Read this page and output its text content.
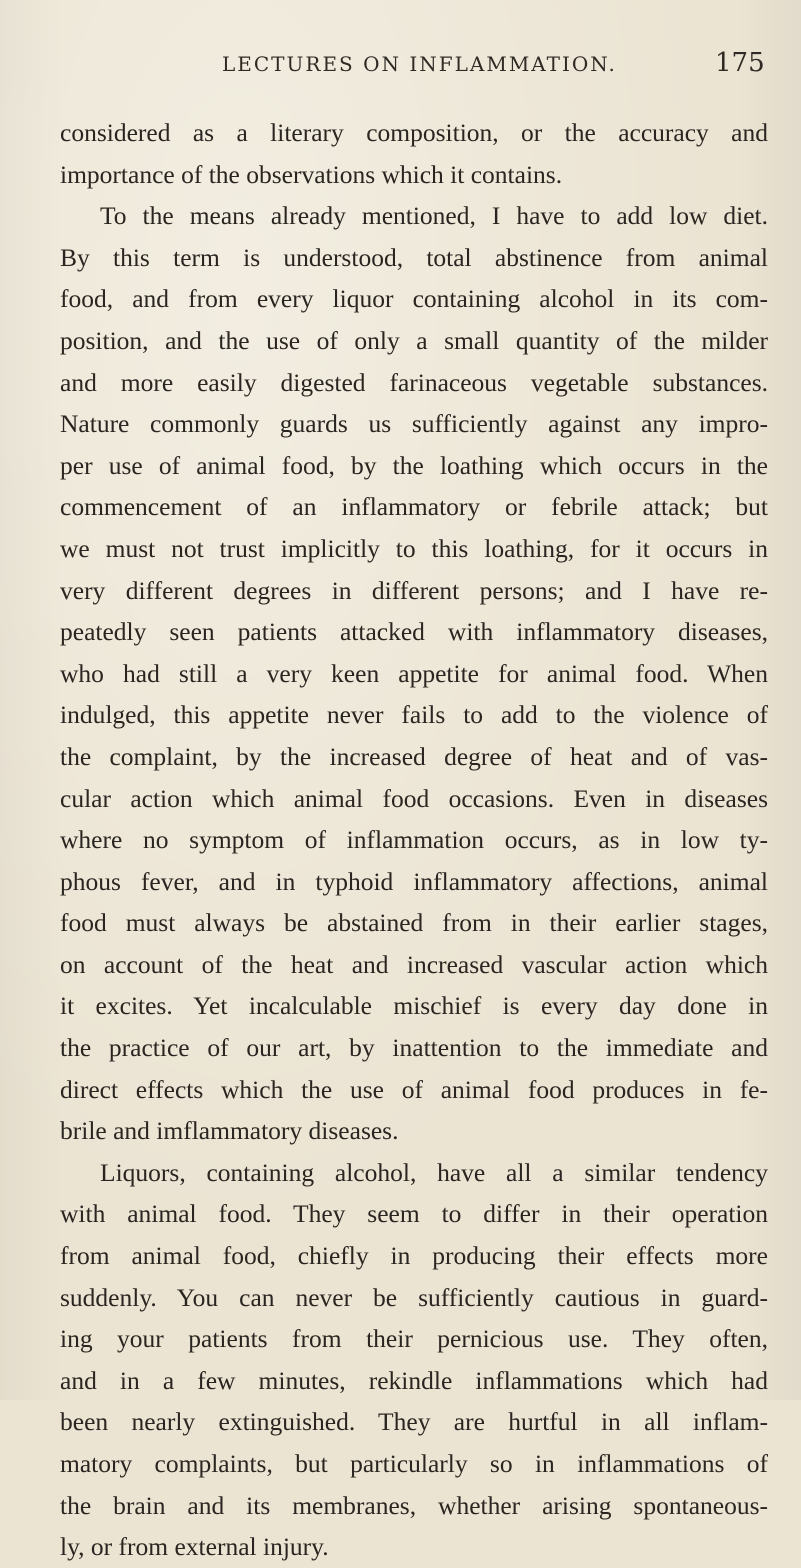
LECTURES ON INFLAMMATION.	175
considered as a literary composition, or the accuracy and
importance of the observations which it contains.
To the means already mentioned, I have to add low diet.
By this term is understood, total abstinence from animal
food, and from every liquor containing alcohol in its com-
position, and the use of only a small quantity of the milder
and more easily digested farinaceous vegetable substances.
Nature commonly guards us sufficiently against any impro-
per use of animal food, by the loathing which occurs in the
commencement of an inflammatory or febrile attack; but
we must not trust implicitly to this loathing, for it occurs in
very different degrees in different persons; and I have re-
peatedly seen patients attacked with inflammatory diseases,
who had still a very keen appetite for animal food. When
indulged, this appetite never fails to add to the violence of
the complaint, by the increased degree of heat and of vas-
cular action which animal food occasions. Even in diseases
where no symptom of inflammation occurs, as in low ty-
phous fever, and in typhoid inflammatory affections, animal
food must always be abstained from in their earlier stages,
on account of the heat and increased vascular action which
it excites. Yet incalculable mischief is every day done in
the practice of our art, by inattention to the immediate and
direct effects which the use of animal food produces in fe-
brile and imflammatory diseases.
Liquors, containing alcohol, have all a similar tendency
with animal food. They seem to differ in their operation
from animal food, chiefly in producing their effects more
suddenly. You can never be sufficiently cautious in guard-
ing your patients from their pernicious use. They often,
and in a few minutes, rekindle inflammations which had
been nearly extinguished. They are hurtful in all inflam-
matory complaints, but particularly so in inflammations of
the brain and its membranes, whether arising spontaneous-
ly, or from external injury.
